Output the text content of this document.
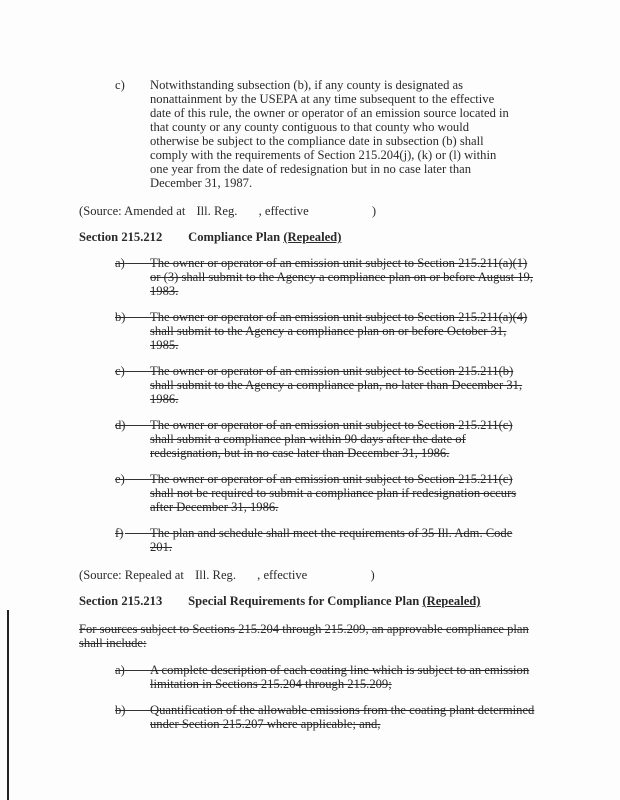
c)	Notwithstanding subsection (b), if any county is designated as nonattainment by the USEPA at any time subsequent to the effective date of this rule, the owner or operator of an emission source located in that county or any county contiguous to that county who would otherwise be subject to the compliance date in subsection (b) shall comply with the requirements of Section 215.204(j), (k) or (l) within one year from the date of redesignation but in no case later than December 31, 1987.
(Source: Amended at Ill. Reg. , effective	)
Section 215.212 Compliance Plan (Repealed)
a)	The owner or operator of an emission unit subject to Section 215.211(a)(1) or (3) shall submit to the Agency a compliance plan on or before August 19, 1983.
b)	The owner or operator of an emission unit subject to Section 215.211(a)(4) shall submit to the Agency a compliance plan on or before October 31, 1985.
c)	The owner or operator of an emission unit subject to Section 215.211(b) shall submit to the Agency a compliance plan, no later than December 31, 1986.
d)	The owner or operator of an emission unit subject to Section 215.211(c) shall submit a compliance plan within 90 days after the date of redesignation, but in no case later than December 31, 1986.
e)	The owner or operator of an emission unit subject to Section 215.211(c) shall not be required to submit a compliance plan if redesignation occurs after December 31, 1986.
f)	The plan and schedule shall meet the requirements of 35 Ill. Adm. Code 201.
(Source: Repealed at Ill. Reg. , effective	)
Section 215.213 Special Requirements for Compliance Plan (Repealed)
For sources subject to Sections 215.204 through 215.209, an approvable compliance plan shall include:
a)	A complete description of each coating line which is subject to an emission limitation in Sections 215.204 through 215.209;
b)	Quantification of the allowable emissions from the coating plant determined under Section 215.207 where applicable; and,
